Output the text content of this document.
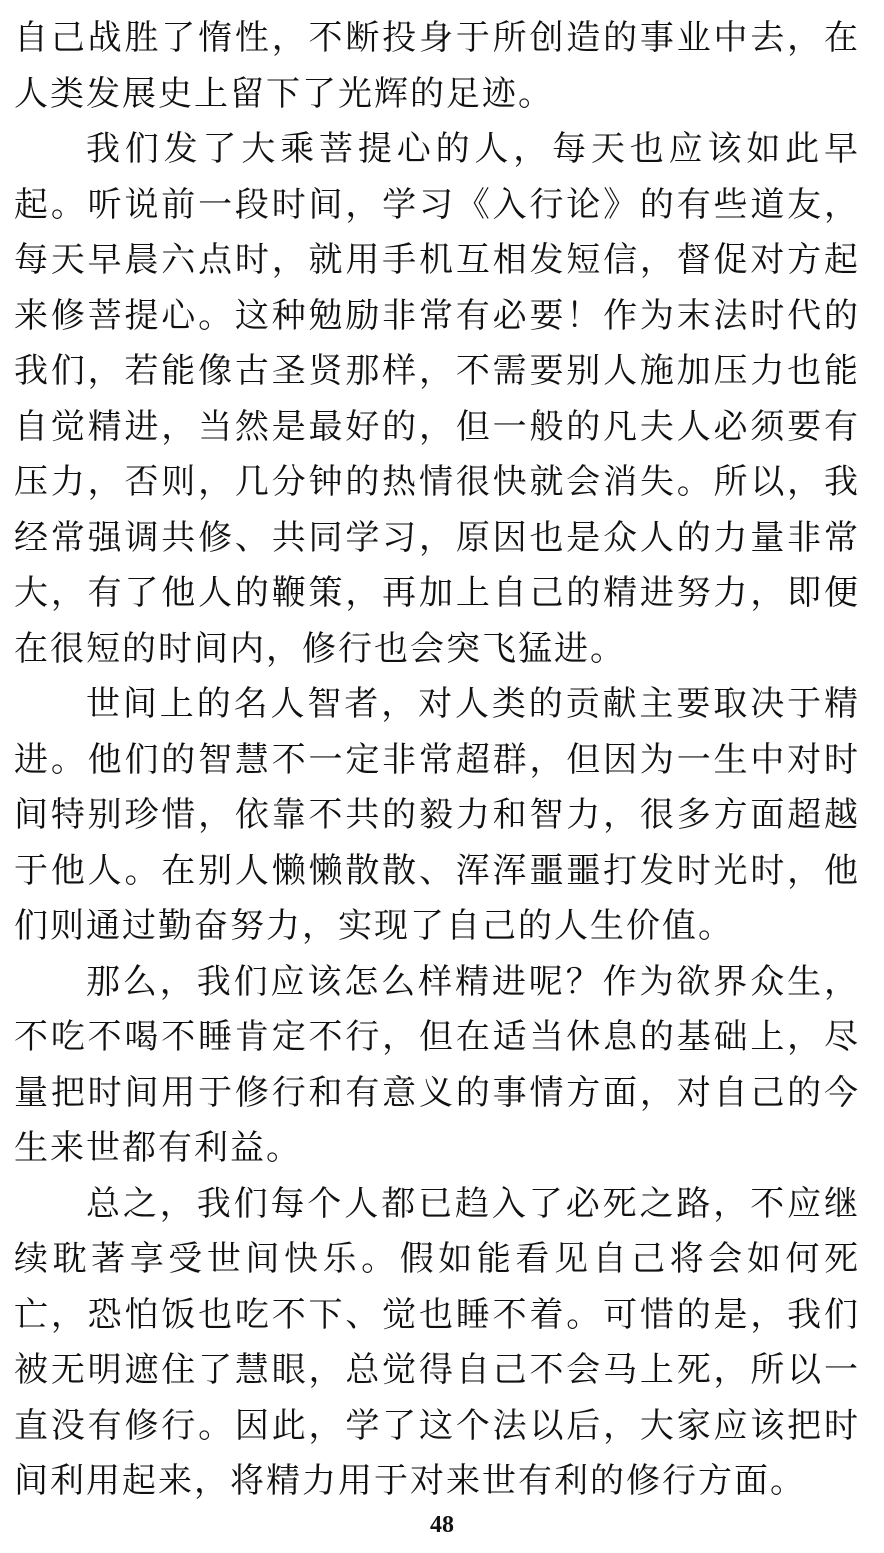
自己战胜了惰性，不断投身于所创造的事业中去，在人类发展史上留下了光辉的足迹。

我们发了大乘菩提心的人，每天也应该如此早起。听说前一段时间，学习《入行论》的有些道友，每天早晨六点时，就用手机互相发短信，督促对方起来修菩提心。这种勉励非常有必要！作为末法时代的我们，若能像古圣贤那样，不需要别人施加压力也能自觉精进，当然是最好的，但一般的凡夫人必须要有压力，否则，几分钟的热情很快就会消失。所以，我经常强调共修、共同学习，原因也是众人的力量非常大，有了他人的鞭策，再加上自己的精进努力，即便在很短的时间内，修行也会突飞猛进。

世间上的名人智者，对人类的贡献主要取决于精进。他们的智慧不一定非常超群，但因为一生中对时间特别珍惜，依靠不共的毅力和智力，很多方面超越于他人。在别人懒懒散散、浑浑噩噩打发时光时，他们则通过勤奋努力，实现了自己的人生价值。

那么，我们应该怎么样精进呢？作为欲界众生，不吃不喝不睡肯定不行，但在适当休息的基础上，尽量把时间用于修行和有意义的事情方面，对自己的今生来世都有利益。

总之，我们每个人都已趋入了必死之路，不应继续耽著享受世间快乐。假如能看见自己将会如何死亡，恐怕饭也吃不下、觉也睡不着。可惜的是，我们被无明遮住了慧眼，总觉得自己不会马上死，所以一直没有修行。因此，学了这个法以后，大家应该把时间利用起来，将精力用于对来世有利的修行方面。

48
